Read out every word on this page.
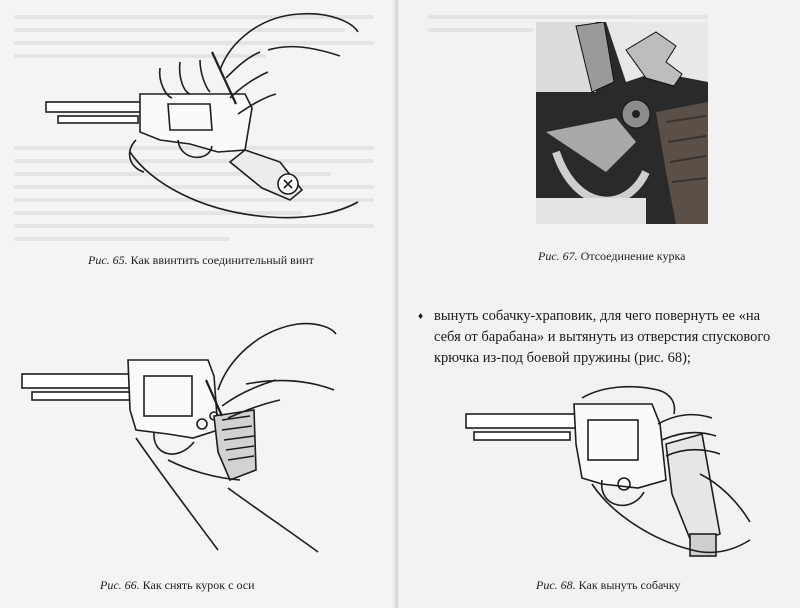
Рис. 65. Как ввинтить соединительный винт
Рис. 66. Как снять курок с оси
Рис. 67. Отсоединение курка
♦ вынуть собачку-храповик, для чего повернуть ее «на себя от барабана» и вытянуть из отверстия спускового крючка из-под боевой пружины (рис. 68);
Рис. 68. Как вынуть собачку
